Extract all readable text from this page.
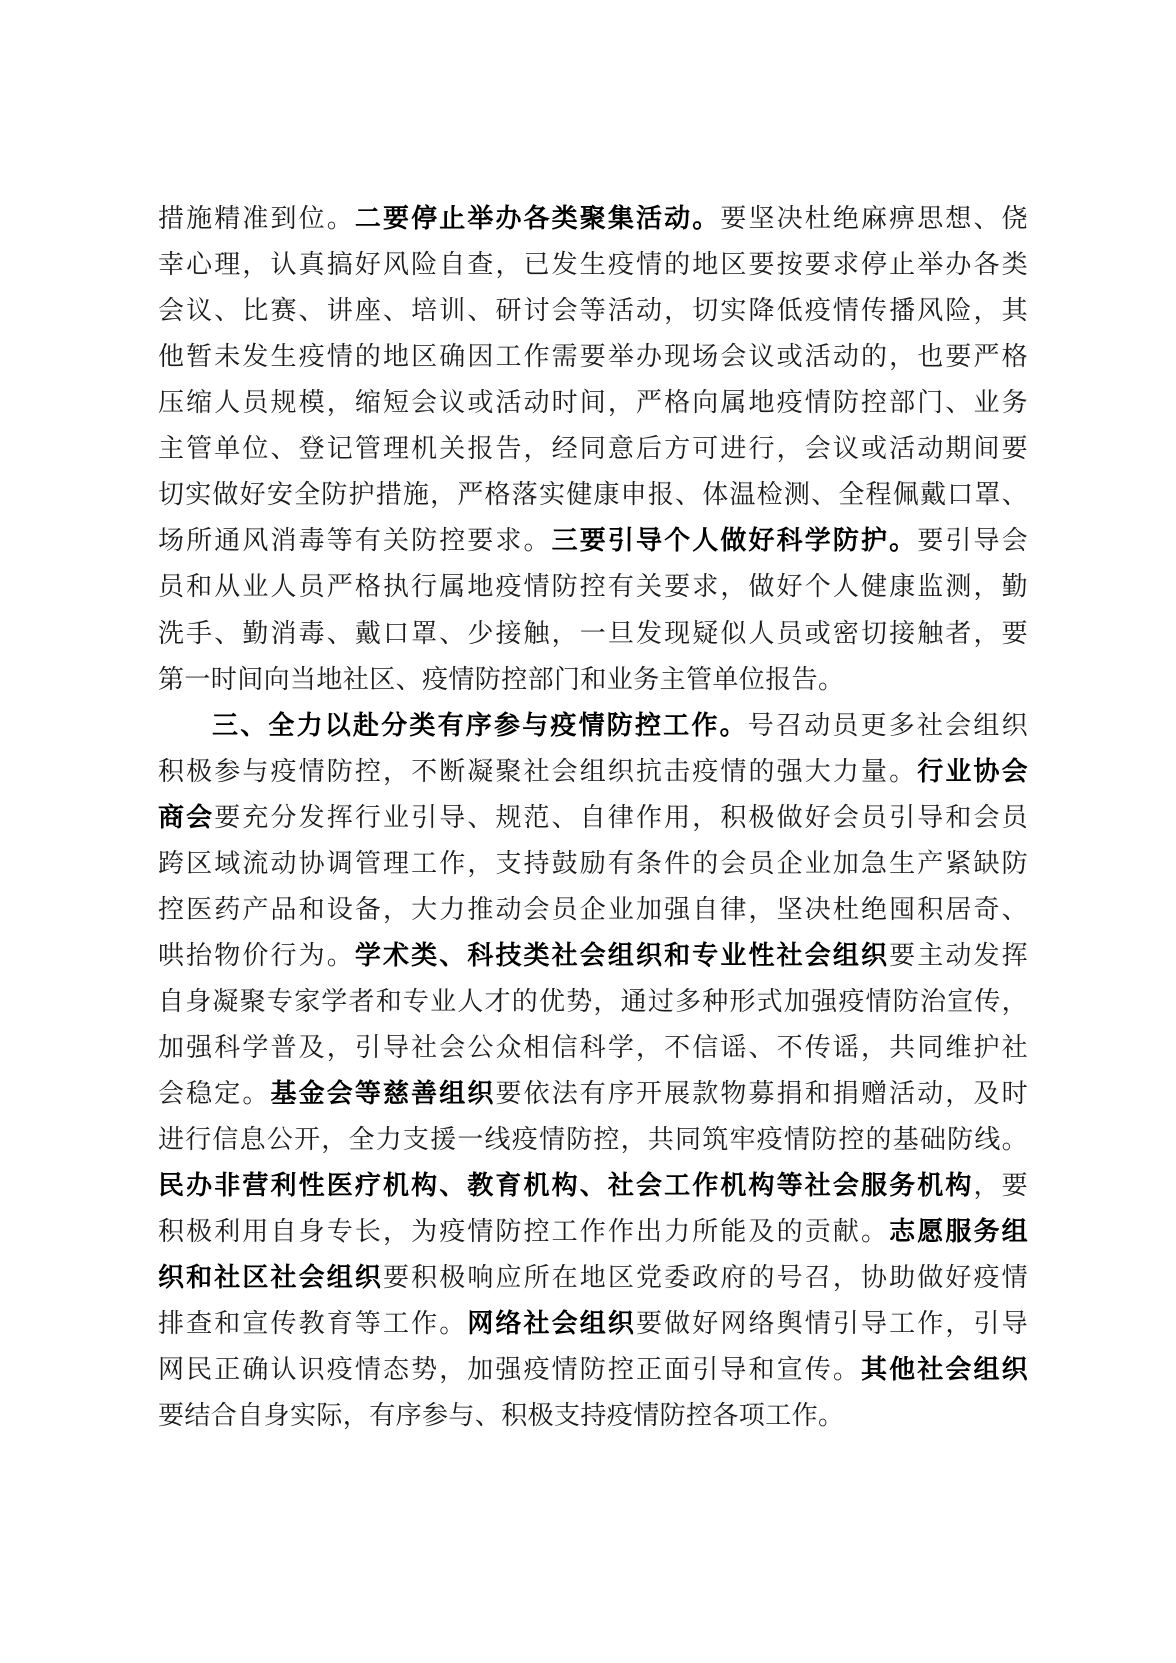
措施精准到位。二要停止举办各类聚集活动。要坚决杜绝麻痹思想、侥
幸心理，认真搞好风险自查，已发生疫情的地区要按要求停止举办各类
会议、比赛、讲座、培训、研讨会等活动，切实降低疫情传播风险，其
他暂未发生疫情的地区确因工作需要举办现场会议或活动的，也要严格
压缩人员规模，缩短会议或活动时间，严格向属地疫情防控部门、业务
主管单位、登记管理机关报告，经同意后方可进行，会议或活动期间要
切实做好安全防护措施，严格落实健康申报、体温检测、全程佩戴口罩、
场所通风消毒等有关防控要求。三要引导个人做好科学防护。要引导会
员和从业人员严格执行属地疫情防控有关要求，做好个人健康监测，勤
洗手、勤消毒、戴口罩、少接触，一旦发现疑似人员或密切接触者，要
第一时间向当地社区、疫情防控部门和业务主管单位报告。
三、全力以赴分类有序参与疫情防控工作。号召动员更多社会组织
积极参与疫情防控，不断凝聚社会组织抗击疫情的强大力量。行业协会
商会要充分发挥行业引导、规范、自律作用，积极做好会员引导和会员
跨区域流动协调管理工作，支持鼓励有条件的会员企业加急生产紧缺防
控医药产品和设备，大力推动会员企业加强自律，坚决杜绝囤积居奇、
哄抬物价行为。学术类、科技类社会组织和专业性社会组织要主动发挥
自身凝聚专家学者和专业人才的优势，通过多种形式加强疫情防治宣传，
加强科学普及，引导社会公众相信科学，不信谣、不传谣，共同维护社
会稳定。基金会等慈善组织要依法有序开展款物募捐和捐赠活动，及时
进行信息公开，全力支援一线疫情防控，共同筑牢疫情防控的基础防线。
民办非营利性医疗机构、教育机构、社会工作机构等社会服务机构，要
积极利用自身专长，为疫情防控工作作出力所能及的贡献。志愿服务组
织和社区社会组织要积极响应所在地区党委政府的号召，协助做好疫情
排查和宣传教育等工作。网络社会组织要做好网络舆情引导工作，引导
网民正确认识疫情态势，加强疫情防控正面引导和宣传。其他社会组织
要结合自身实际，有序参与、积极支持疫情防控各项工作。
